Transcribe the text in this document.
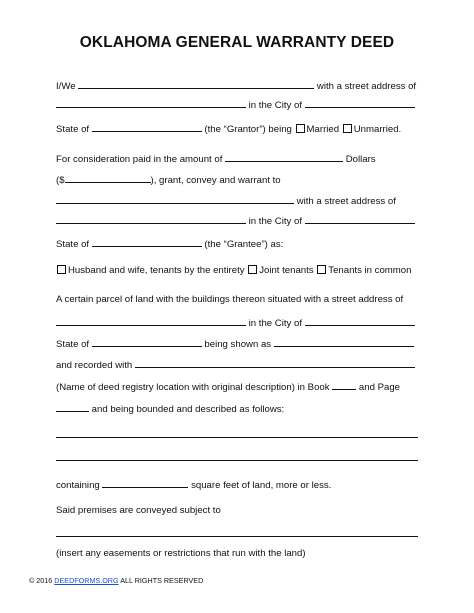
OKLAHOMA GENERAL WARRANTY DEED
I/We	with a street address of
in the City of
State of	(the “Grantor”) being Married Unmarried.
For consideration paid in the amount of	Dollars
($	), grant, convey and warrant to
with a street address of
in the City of
State of	(the “Grantee”) as:
Husband and wife, tenants by the entirety Joint tenants Tenants in common
A certain parcel of land with the buildings thereon situated with a street address of
in the City of
State of	being shown as
and recorded with
(Name of deed registry location with original description) in Book	and Page
and being bounded and described as follows:
containing	square feet of land, more or less.
Said premises are conveyed subject to
(insert any easements or restrictions that run with the land)
© 2016 DEEDFORMS.ORG ALL RIGHTS RESERVED
